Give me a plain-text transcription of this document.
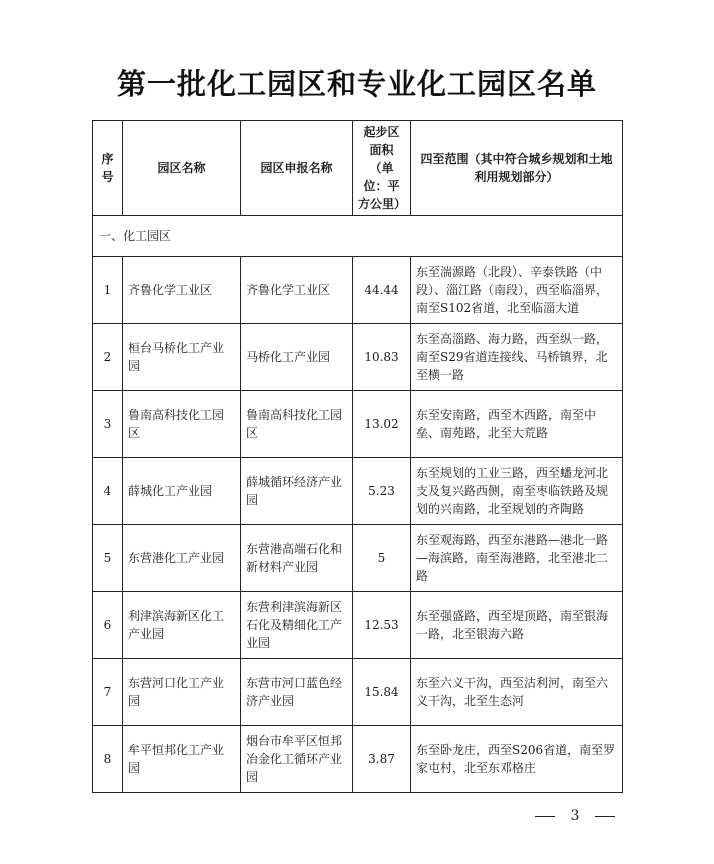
第一批化工园区和专业化工园区名单
序号	园区名称	园区申报名称	起步区面积（单位：平方公里）	四至范围（其中符合城乡规划和土地利用规划部分）
一、化工园区				
1	齐鲁化学工业区	齐鲁化学工业区	44.44	东至湍源路（北段）、辛泰铁路（中段）、淄江路（南段），西至临淄界，南至S102省道，北至临淄大道
2	桓台马桥化工产业园	马桥化工产业园	10.83	东至高淄路、海力路，西至纵一路，南至S29省道连接线、马桥镇界，北至横一路
3	鲁南高科技化工园区	鲁南高科技化工园区	13.02	东至安南路，西至木西路，南至中垒、南苑路，北至大荒路
4	薛城化工产业园	薛城循环经济产业园	5.23	东至规划的工业三路，西至蟠龙河北支及复兴路西侧，南至枣临铁路及规划的兴南路，北至规划的齐陶路
5	东营港化工产业园	东营港高端石化和新材料产业园	5	东至观海路，西至东港路—港北一路—海滨路，南至海港路，北至港北二路
6	利津滨海新区化工产业园	东营利津滨海新区石化及精细化工产业园	12.53	东至强盛路，西至堤顶路，南至银海一路，北至银海六路
7	东营河口化工产业园	东营市河口蓝色经济产业园	15.84	东至六义干沟，西至沽利河，南至六义干沟，北至生态河
8	牟平恒邦化工产业园	烟台市牟平区恒邦冶金化工循环产业园	3.87	东至卧龙庄，西至S206省道，南至罗家屯村，北至东邓格庄
3
